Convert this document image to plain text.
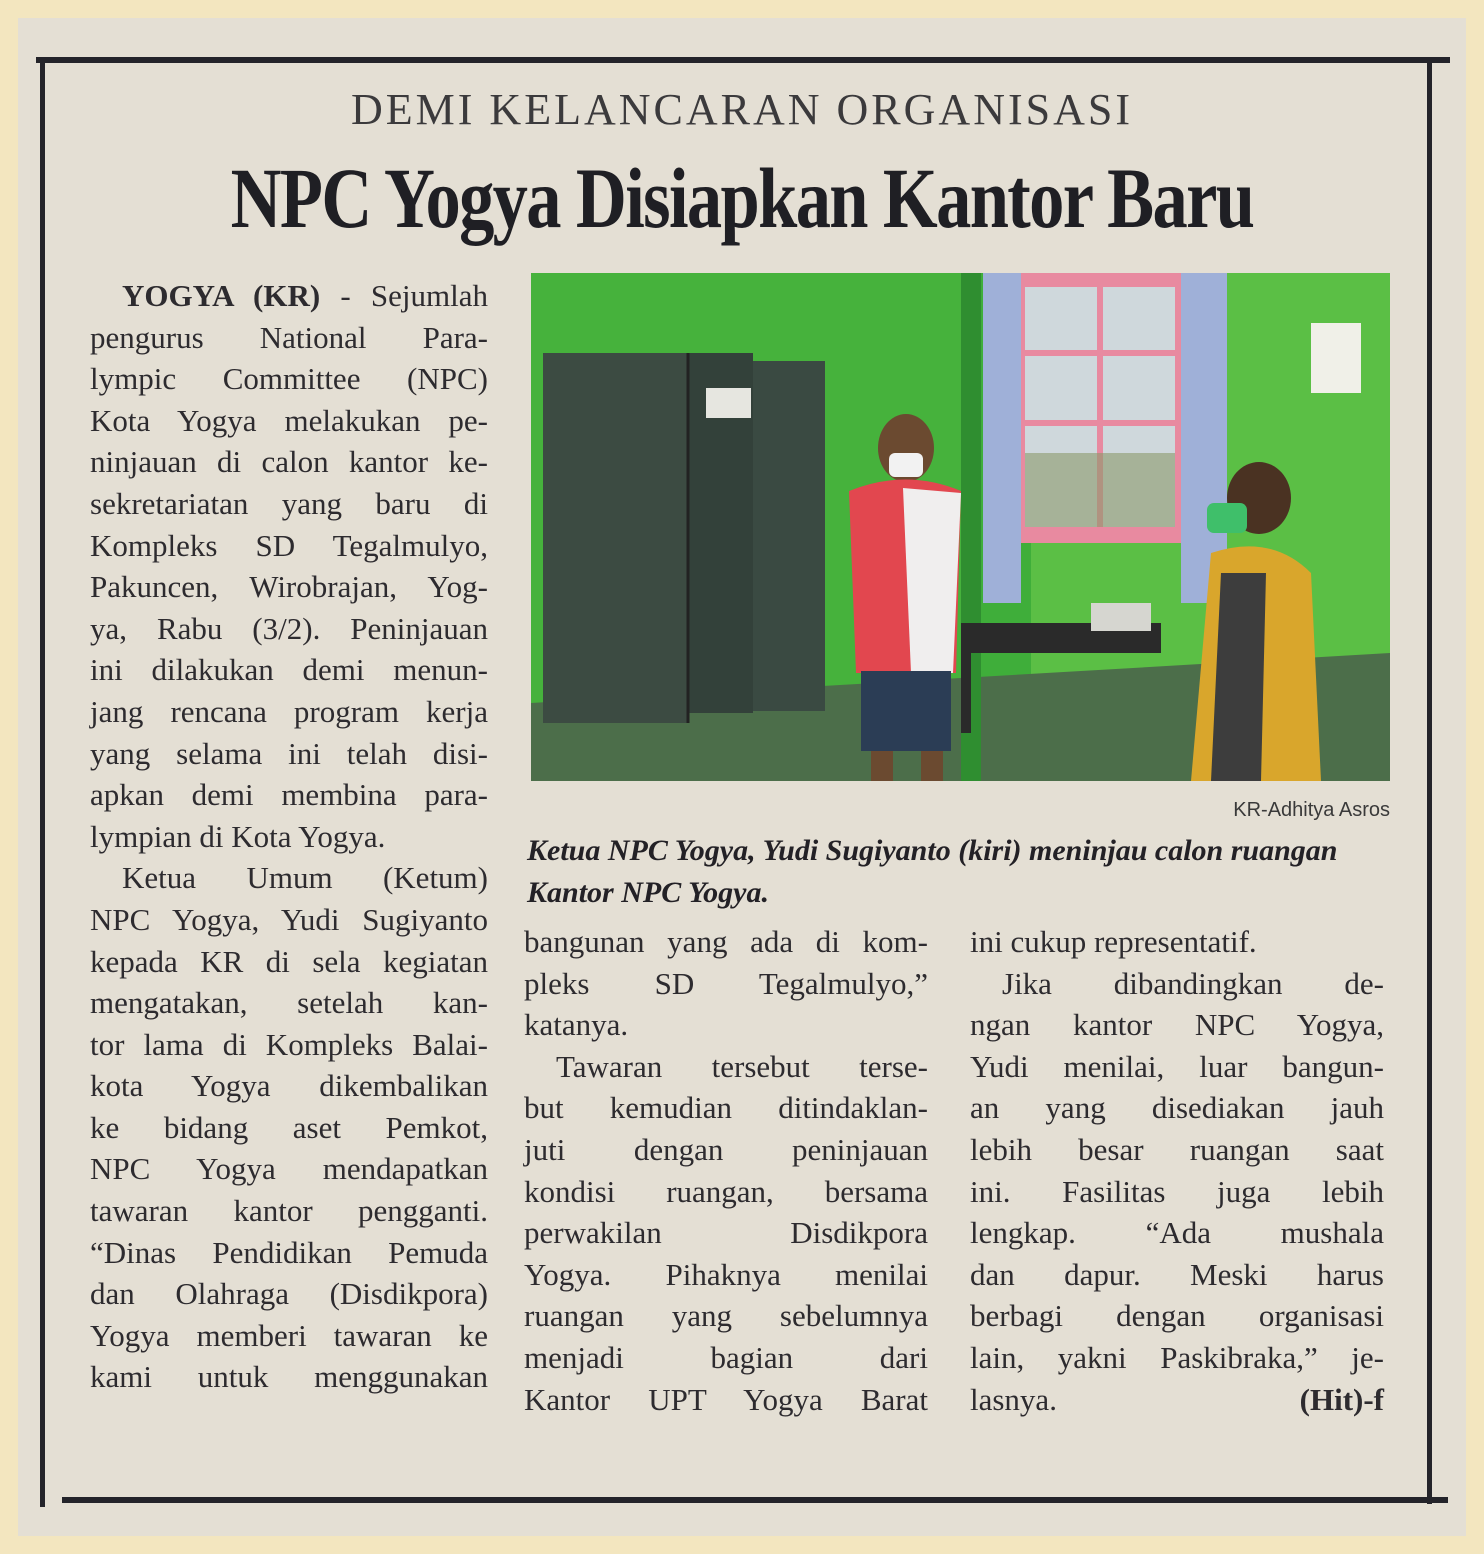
DEMI KELANCARAN ORGANISASI
NPC Yogya Disiapkan Kantor Baru

YOGYA (KR) - Sejumlah
pengurus National Para-
lympic Committee (NPC)
Kota Yogya melakukan pe-
ninjauan di calon kantor ke-
sekretariatan yang baru di
Kompleks SD Tegalmulyo,
Pakuncen, Wirobrajan, Yog-
ya, Rabu (3/2). Peninjauan
ini dilakukan demi menun-
jang rencana program kerja
yang selama ini telah disi-
apkan demi membina para-
lympian di Kota Yogya.

Ketua Umum (Ketum)
NPC Yogya, Yudi Sugiyanto
kepada KR di sela kegiatan
mengatakan, setelah kan-
tor lama di Kompleks Balai-
kota Yogya dikembalikan
ke bidang aset Pemkot,
NPC Yogya mendapatkan
tawaran kantor pengganti.
“Dinas Pendidikan Pemuda
dan Olahraga (Disdikpora)
Yogya memberi tawaran ke
kami untuk menggunakan

KR-Adhitya Asros
Ketua NPC Yogya, Yudi Sugiyanto (kiri) meninjau calon ruangan Kantor NPC Yogya.

bangunan yang ada di kom-
pleks SD Tegalmulyo,”
katanya.

Tawaran tersebut terse-
but kemudian ditindaklan-
juti dengan peninjauan
kondisi ruangan, bersama
perwakilan Disdikpora
Yogya. Pihaknya menilai
ruangan yang sebelumnya
menjadi bagian dari
Kantor UPT Yogya Barat

ini cukup representatif.

Jika dibandingkan de-
ngan kantor NPC Yogya,
Yudi menilai, luar bangun-
an yang disediakan jauh
lebih besar ruangan saat
ini. Fasilitas juga lebih
lengkap. “Ada mushala
dan dapur. Meski harus
berbagi dengan organisasi
lain, yakni Paskibraka,” je-
lasnya.	(Hit)-f
